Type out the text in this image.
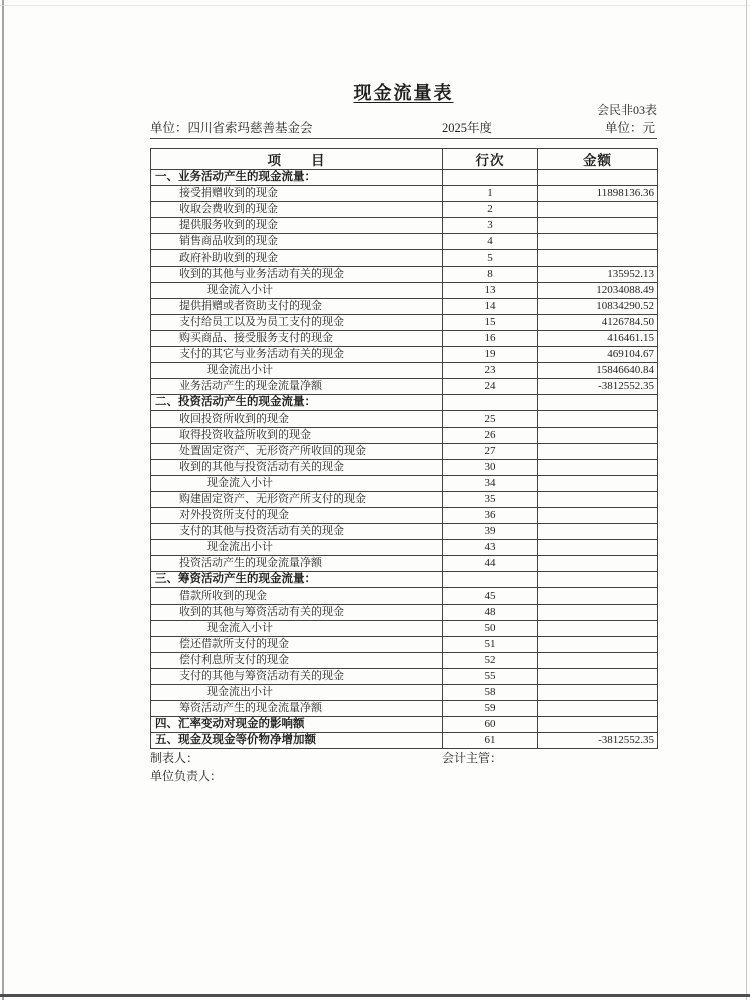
现金流量表
会民非03表
单位：四川省索玛慈善基金会	2025年度	单位：元
项　　目	行次	金额
一、业务活动产生的现金流量：		
接受捐赠收到的现金	1	11898136.36
收取会费收到的现金	2	
提供服务收到的现金	3	
销售商品收到的现金	4	
政府补助收到的现金	5	
收到的其他与业务活动有关的现金	8	135952.13
现金流入小计	13	12034088.49
提供捐赠或者资助支付的现金	14	10834290.52
支付给员工以及为员工支付的现金	15	4126784.50
购买商品、接受服务支付的现金	16	416461.15
支付的其它与业务活动有关的现金	19	469104.67
现金流出小计	23	15846640.84
业务活动产生的现金流量净额	24	-3812552.35
二、投资活动产生的现金流量：		
收回投资所收到的现金	25	
取得投资收益所收到的现金	26	
处置固定资产、无形资产所收回的现金	27	
收到的其他与投资活动有关的现金	30	
现金流入小计	34	
购建固定资产、无形资产所支付的现金	35	
对外投资所支付的现金	36	
支付的其他与投资活动有关的现金	39	
现金流出小计	43	
投资活动产生的现金流量净额	44	
三、筹资活动产生的现金流量：		
借款所收到的现金	45	
收到的其他与筹资活动有关的现金	48	
现金流入小计	50	
偿还借款所支付的现金	51	
偿付利息所支付的现金	52	
支付的其他与筹资活动有关的现金	55	
现金流出小计	58	
筹资活动产生的现金流量净额	59	
四、汇率变动对现金的影响额	60	
五、现金及现金等价物净增加额	61	-3812552.35
制表人：	会计主管：
单位负责人：
